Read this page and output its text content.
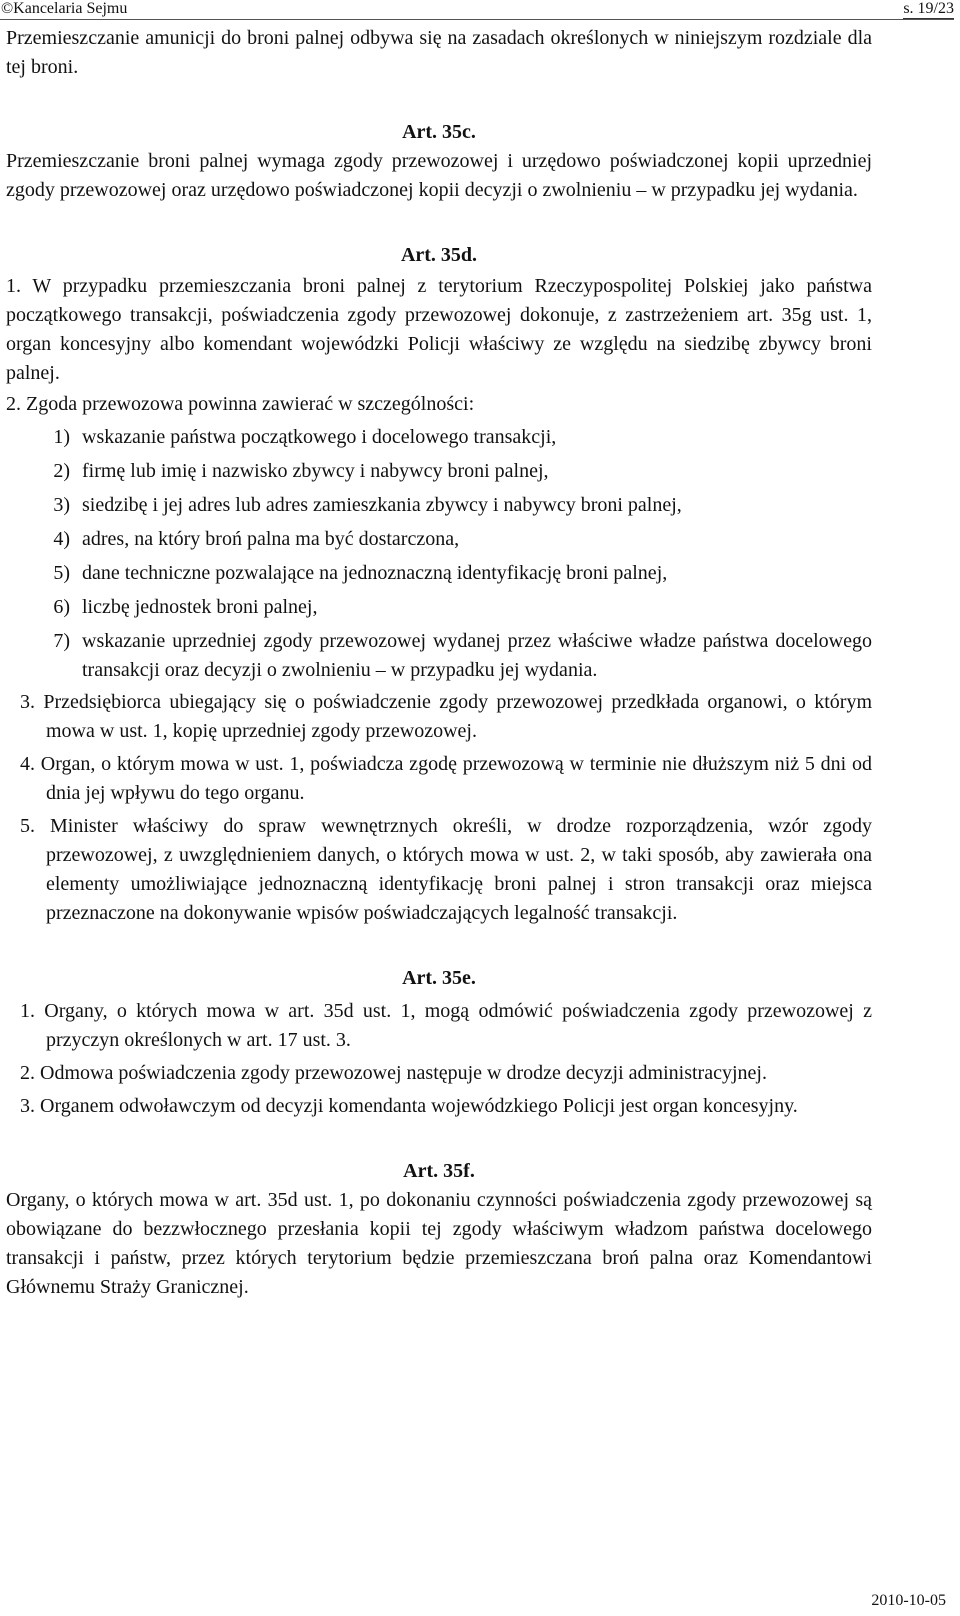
©Kancelaria Sejmu	s. 19/23

Przemieszczanie amunicji do broni palnej odbywa się na zasadach określonych w niniejszym rozdziale dla tej broni.

Art. 35c.

Przemieszczanie broni palnej wymaga zgody przewozowej i urzędowo poświadczonej kopii uprzedniej zgody przewozowej oraz urzędowo poświadczonej kopii decyzji o zwolnieniu – w przypadku jej wydania.

Art. 35d.

1. W przypadku przemieszczania broni palnej z terytorium Rzeczypospolitej Polskiej jako państwa początkowego transakcji, poświadczenia zgody przewozowej dokonuje, z zastrzeżeniem art. 35g ust. 1, organ koncesyjny albo komendant wojewódzki Policji właściwy ze względu na siedzibę zbywcy broni palnej.

2. Zgoda przewozowa powinna zawierać w szczególności:

1) wskazanie państwa początkowego i docelowego transakcji,
2) firmę lub imię i nazwisko zbywcy i nabywcy broni palnej,
3) siedzibę i jej adres lub adres zamieszkania zbywcy i nabywcy broni palnej,
4) adres, na który broń palna ma być dostarczona,
5) dane techniczne pozwalające na jednoznaczną identyfikację broni palnej,
6) liczbę jednostek broni palnej,
7) wskazanie uprzedniej zgody przewozowej wydanej przez właściwe władze państwa docelowego transakcji oraz decyzji o zwolnieniu – w przypadku jej wydania.

3. Przedsiębiorca ubiegający się o poświadczenie zgody przewozowej przedkłada organowi, o którym mowa w ust. 1, kopię uprzedniej zgody przewozowej.

4. Organ, o którym mowa w ust. 1, poświadcza zgodę przewozową w terminie nie dłuższym niż 5 dni od dnia jej wpływu do tego organu.

5. Minister właściwy do spraw wewnętrznych określi, w drodze rozporządzenia, wzór zgody przewozowej, z uwzględnieniem danych, o których mowa w ust. 2, w taki sposób, aby zawierała ona elementy umożliwiające jednoznaczną identyfikację broni palnej i stron transakcji oraz miejsca przeznaczone na dokonywanie wpisów poświadczających legalność transakcji.

Art. 35e.

1. Organy, o których mowa w art. 35d ust. 1, mogą odmówić poświadczenia zgody przewozowej z przyczyn określonych w art. 17 ust. 3.

2. Odmowa poświadczenia zgody przewozowej następuje w drodze decyzji administracyjnej.

3. Organem odwoławczym od decyzji komendanta wojewódzkiego Policji jest organ koncesyjny.

Art. 35f.

Organy, o których mowa w art. 35d ust. 1, po dokonaniu czynności poświadczenia zgody przewozowej są obowiązane do bezzwłocznego przesłania kopii tej zgody właściwym władzom państwa docelowego transakcji i państw, przez których terytorium będzie przemieszczana broń palna oraz Komendantowi Głównemu Straży Granicznej.

2010-10-05
